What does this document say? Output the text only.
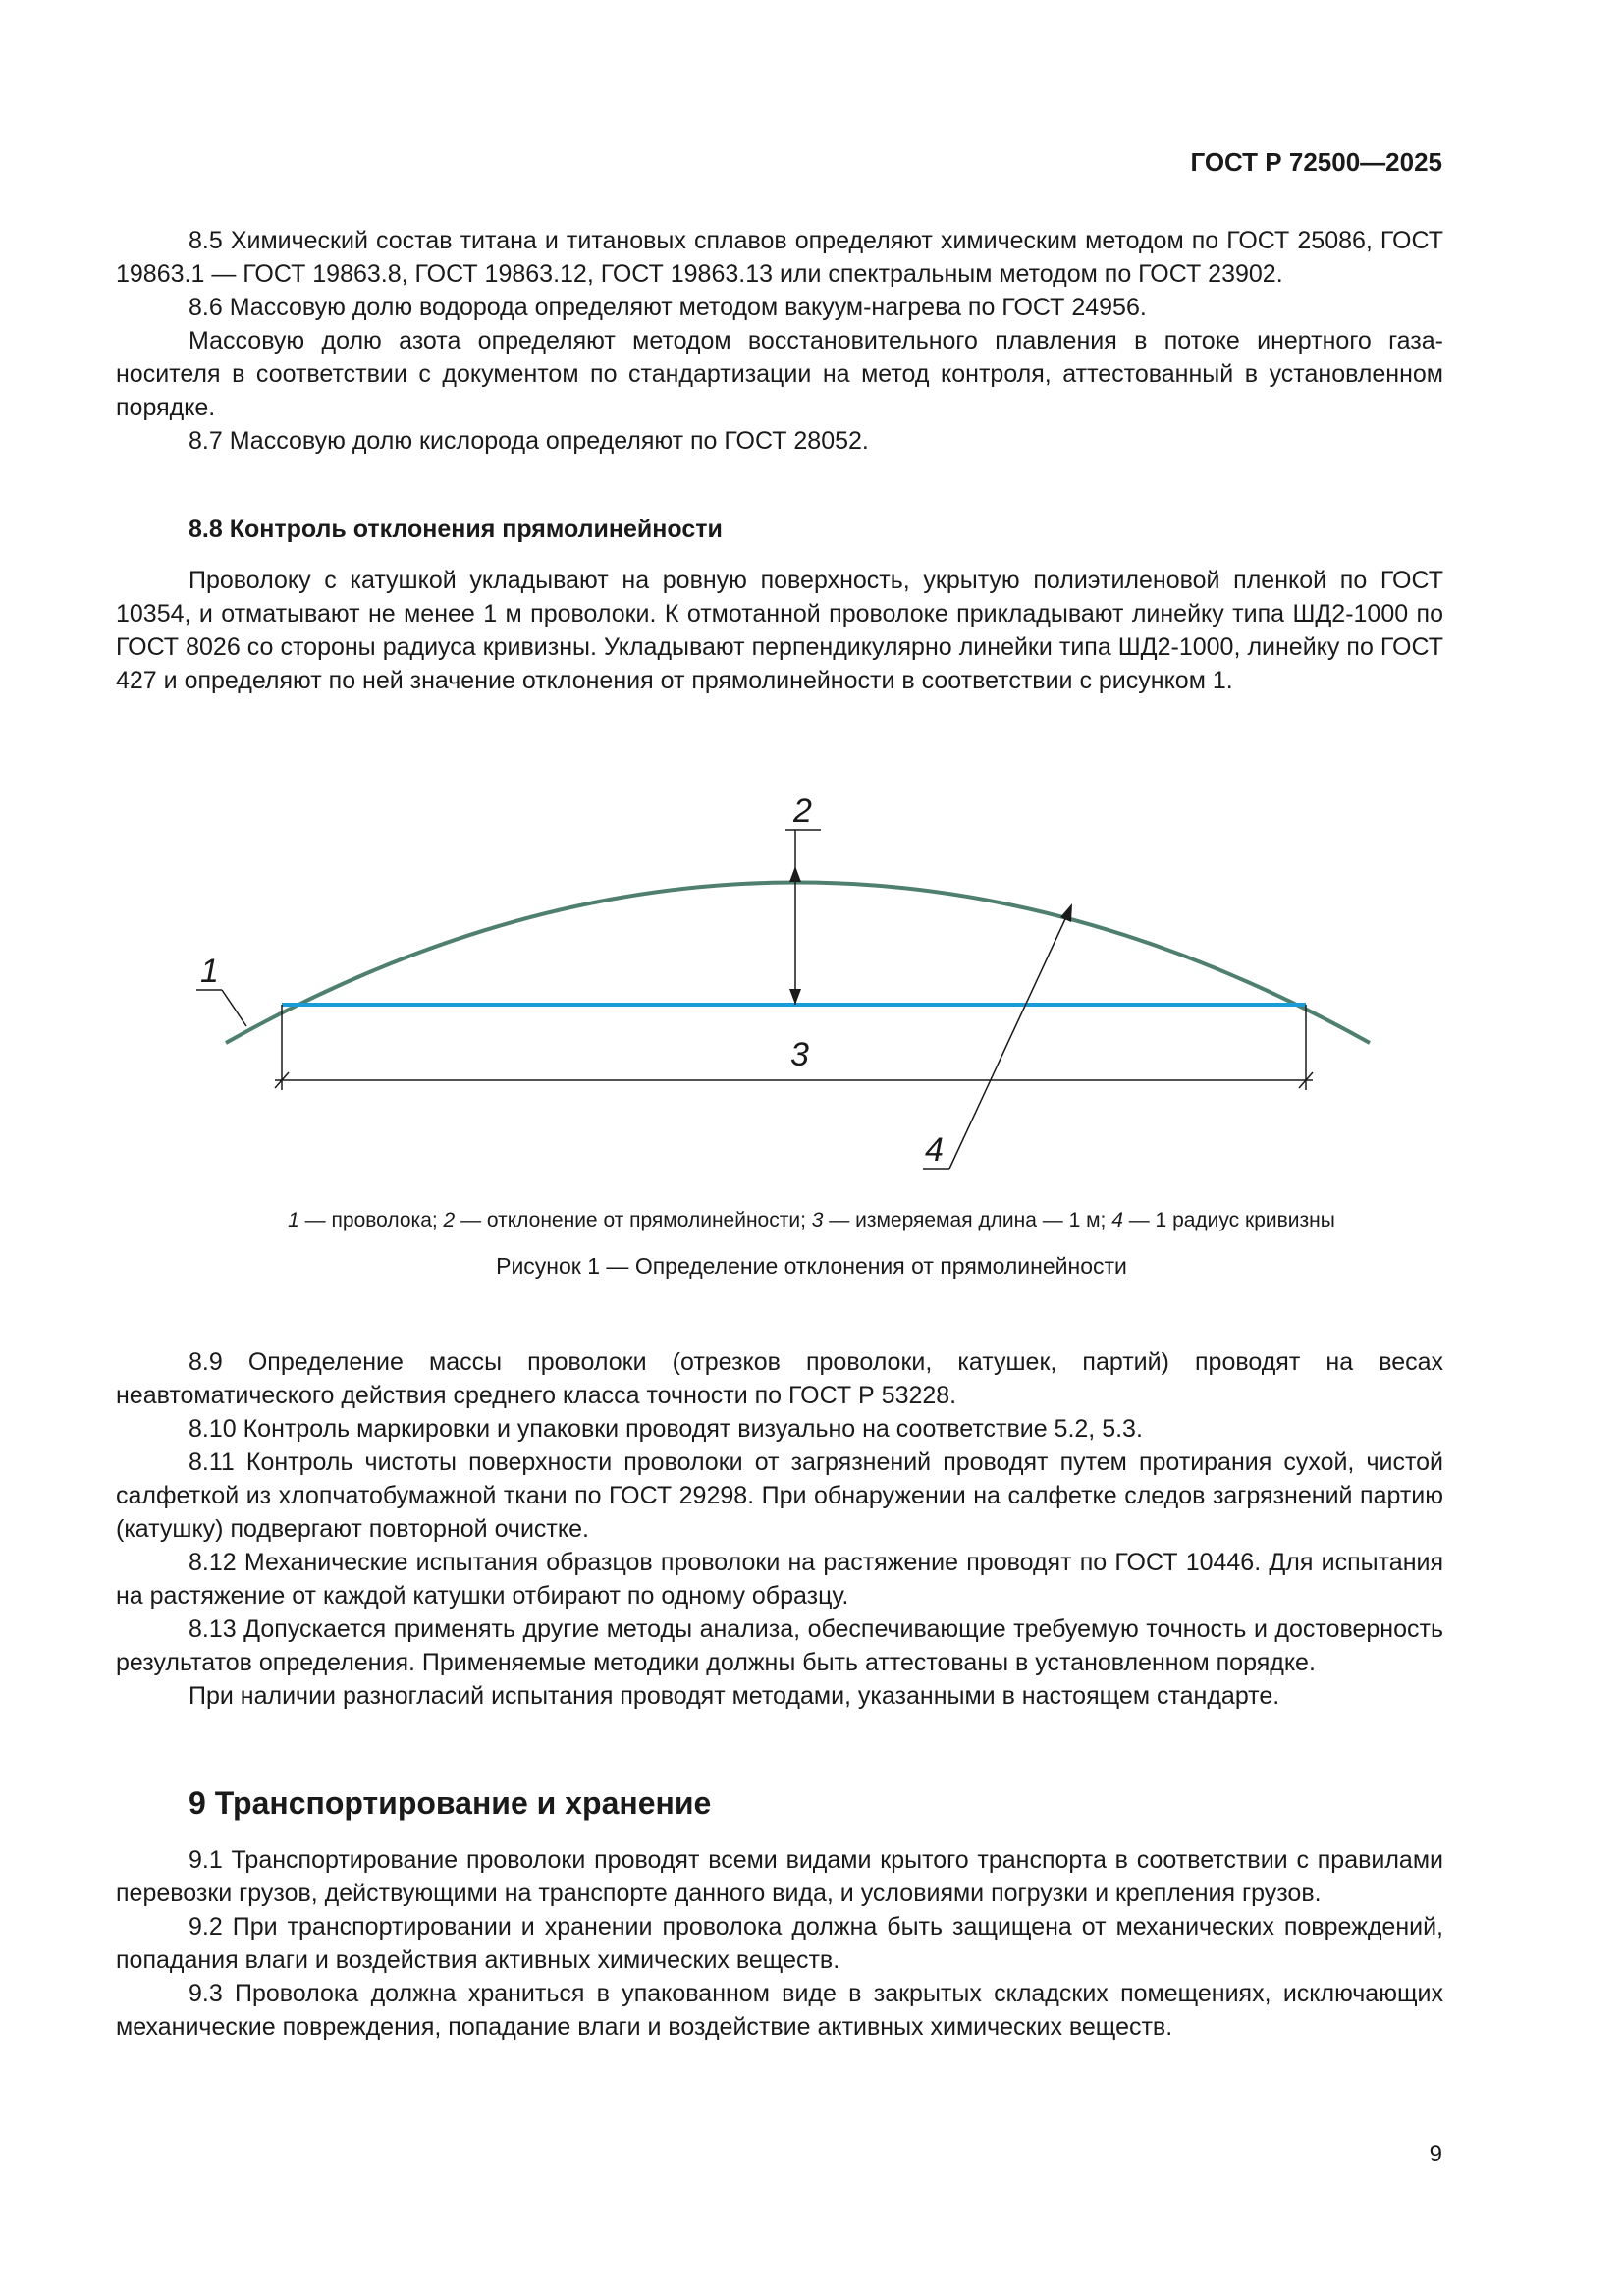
ГОСТ Р 72500—2025

8.5 Химический состав титана и титановых сплавов определяют химическим методом по ГОСТ 25086, ГОСТ 19863.1 — ГОСТ 19863.8, ГОСТ 19863.12, ГОСТ 19863.13 или спектральным методом по ГОСТ 23902.

8.6 Массовую долю водорода определяют методом вакуум-нагрева по ГОСТ 24956.

Массовую долю азота определяют методом восстановительного плавления в потоке инертного газа-носителя в соответствии с документом по стандартизации на метод контроля, аттестованный в установленном порядке.

8.7 Массовую долю кислорода определяют по ГОСТ 28052.

8.8 Контроль отклонения прямолинейности

Проволоку с катушкой укладывают на ровную поверхность, укрытую полиэтиленовой пленкой по ГОСТ 10354, и отматывают не менее 1 м проволоки. К отмотанной проволоке прикладывают линейку типа ШД2-1000 по ГОСТ 8026 со стороны радиуса кривизны. Укладывают перпендикулярно линейки типа ШД2-1000, линейку по ГОСТ 427 и определяют по ней значение отклонения от прямолинейности в соответствии с рисунком 1.

1
2
3
4
1 — проволока; 2 — отклонение от прямолинейности; 3 — измеряемая длина — 1 м; 4 — 1 радиус кривизны
Рисунок 1 — Определение отклонения от прямолинейности

8.9 Определение массы проволоки (отрезков проволоки, катушек, партий) проводят на весах неавтоматического действия среднего класса точности по ГОСТ Р 53228.

8.10 Контроль маркировки и упаковки проводят визуально на соответствие 5.2, 5.3.

8.11 Контроль чистоты поверхности проволоки от загрязнений проводят путем протирания сухой, чистой салфеткой из хлопчатобумажной ткани по ГОСТ 29298. При обнаружении на салфетке следов загрязнений партию (катушку) подвергают повторной очистке.

8.12 Механические испытания образцов проволоки на растяжение проводят по ГОСТ 10446. Для испытания на растяжение от каждой катушки отбирают по одному образцу.

8.13 Допускается применять другие методы анализа, обеспечивающие требуемую точность и достоверность результатов определения. Применяемые методики должны быть аттестованы в установленном порядке.

При наличии разногласий испытания проводят методами, указанными в настоящем стандарте.

9 Транспортирование и хранение

9.1 Транспортирование проволоки проводят всеми видами крытого транспорта в соответствии с правилами перевозки грузов, действующими на транспорте данного вида, и условиями погрузки и крепления грузов.

9.2 При транспортировании и хранении проволока должна быть защищена от механических повреждений, попадания влаги и воздействия активных химических веществ.

9.3 Проволока должна храниться в упакованном виде в закрытых складских помещениях, исключающих механические повреждения, попадание влаги и воздействие активных химических веществ.

9
